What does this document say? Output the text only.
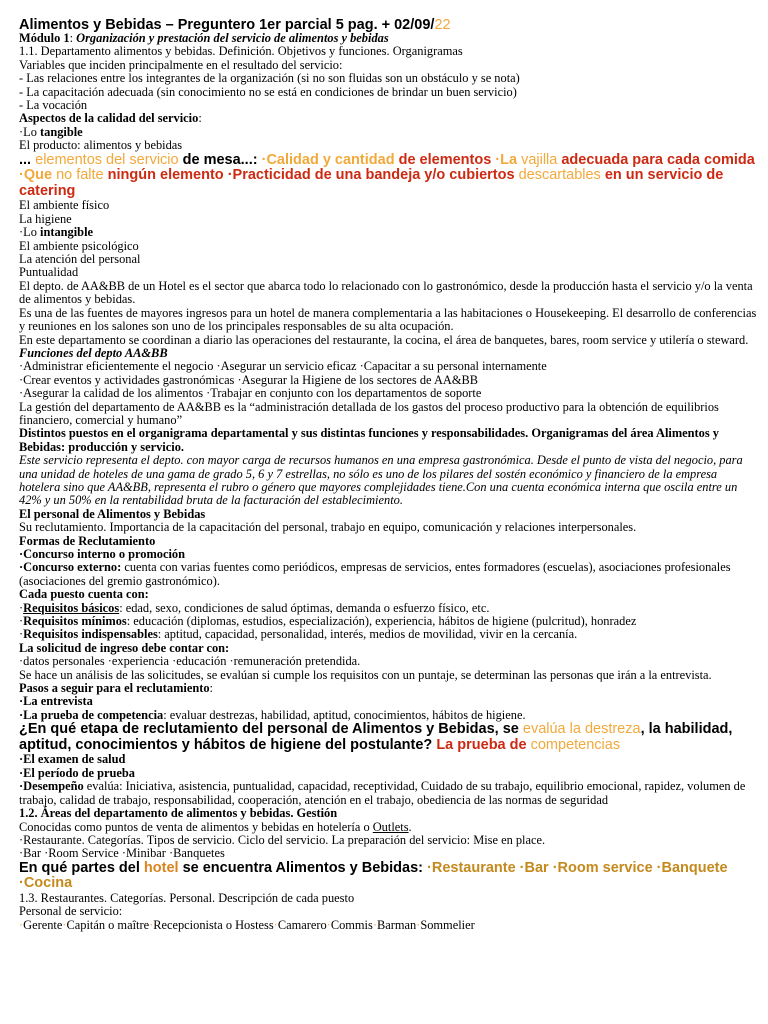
Alimentos y Bebidas – Preguntero 1er parcial 5 pag. + 02/09/22
Módulo 1: Organización y prestación del servicio de alimentos y bebidas
1.1. Departamento alimentos y bebidas. Definición. Objetivos y funciones. Organigramas
Variables que inciden principalmente en el resultado del servicio:
- Las relaciones entre los integrantes de la organización (si no son fluidas son un obstáculo y se nota)
- La capacitación adecuada (sin conocimiento no se está en condiciones de brindar un buen servicio)
- La vocación
Aspectos de la calidad del servicio:
·Lo tangible
El producto: alimentos y bebidas
... elementos del servicio de mesa...: ·Calidad y cantidad de elementos ·La vajilla adecuada para cada comida ·Que no falte ningún elemento ·Practicidad de una bandeja y/o cubiertos descartables en un servicio de catering
El ambiente físico
La higiene
·Lo intangible
El ambiente psicológico
La atención del personal
Puntualidad
El depto. de AA&BB de un Hotel es el sector que abarca todo lo relacionado con lo gastronómico, desde la producción hasta el servicio y/o la venta de alimentos y bebidas.
Es una de las fuentes de mayores ingresos para un hotel de manera complementaria a las habitaciones o Housekeeping. El desarrollo de conferencias y reuniones en los salones son uno de los principales responsables de su alta ocupación.
En este departamento se coordinan a diario las operaciones del restaurante, la cocina, el área de banquetes, bares, room service y utilería o steward.
Funciones del depto AA&BB
·Administrar eficientemente el negocio ·Asegurar un servicio eficaz ·Capacitar a su personal internamente
·Crear eventos y actividades gastronómicas ·Asegurar la Higiene de los sectores de AA&BB
·Asegurar la calidad de los alimentos ·Trabajar en conjunto con los departamentos de soporte
La gestión del departamento de AA&BB es la “administración detallada de los gastos del proceso productivo para la obtención de equilibrios financiero, comercial y humano”
Distintos puestos en el organigrama departamental y sus distintas funciones y responsabilidades. Organigramas del área Alimentos y Bebidas: producción y servicio.
Este servicio representa el depto. con mayor carga de recursos humanos en una empresa gastronómica. Desde el punto de vista del negocio, para una unidad de hoteles de una gama de grado 5, 6 y 7 estrellas, no sólo es uno de los pilares del sostén económico y financiero de la empresa hotelera sino que AA&BB, representa el rubro o género que mayores complejidades tiene.Con una cuenta económica interna que oscila entre un 42% y un 50% en la rentabilidad bruta de la facturación del establecimiento.
El personal de Alimentos y Bebidas
Su reclutamiento. Importancia de la capacitación del personal, trabajo en equipo, comunicación y relaciones interpersonales.
Formas de Reclutamiento
·Concurso interno o promoción
·Concurso externo: cuenta con varias fuentes como periódicos, empresas de servicios, entes formadores (escuelas), asociaciones profesionales (asociaciones del gremio gastronómico).
Cada puesto cuenta con:
·Requisitos básicos: edad, sexo, condiciones de salud óptimas, demanda o esfuerzo físico, etc.
·Requisitos mínimos: educación (diplomas, estudios, especialización), experiencia, hábitos de higiene (pulcritud), honradez
·Requisitos indispensables: aptitud, capacidad, personalidad, interés, medios de movilidad, vivir en la cercanía.
La solicitud de ingreso debe contar con:
·datos personales ·experiencia ·educación ·remuneración pretendida.
Se hace un análisis de las solicitudes, se evalúan si cumple los requisitos con un puntaje, se determinan las personas que irán a la entrevista.
Pasos a seguir para el reclutamiento:
·La entrevista
·La prueba de competencia: evaluar destrezas, habilidad, aptitud, conocimientos, hábitos de higiene.
¿En qué etapa de reclutamiento del personal de Alimentos y Bebidas, se evalúa la destreza, la habilidad, aptitud, conocimientos y hábitos de higiene del postulante? La prueba de competencias
·El examen de salud
·El período de prueba
·Desempeño evalúa: Iniciativa, asistencia, puntualidad, capacidad, receptividad, Cuidado de su trabajo, equilibrio emocional, rapidez, volumen de trabajo, calidad de trabajo, responsabilidad, cooperación, atención en el trabajo, obediencia de las normas de seguridad
1.2. Áreas del departamento de alimentos y bebidas. Gestión
Conocidas como puntos de venta de alimentos y bebidas en hotelería o Outlets.
·Restaurante. Categorías. Tipos de servicio. Ciclo del servicio. La preparación del servicio: Mise en place.
·Bar ·Room Service ·Minibar ·Banquetes
En qué partes del hotel se encuentra Alimentos y Bebidas: ·Restaurante ·Bar ·Room service ·Banquete ·Cocina
1.3. Restaurantes. Categorías. Personal. Descripción de cada puesto
Personal de servicio:
·Gerente·Capitán o maître·Recepcionista o Hostess·Camarero·Commis·Barman·Sommelier
